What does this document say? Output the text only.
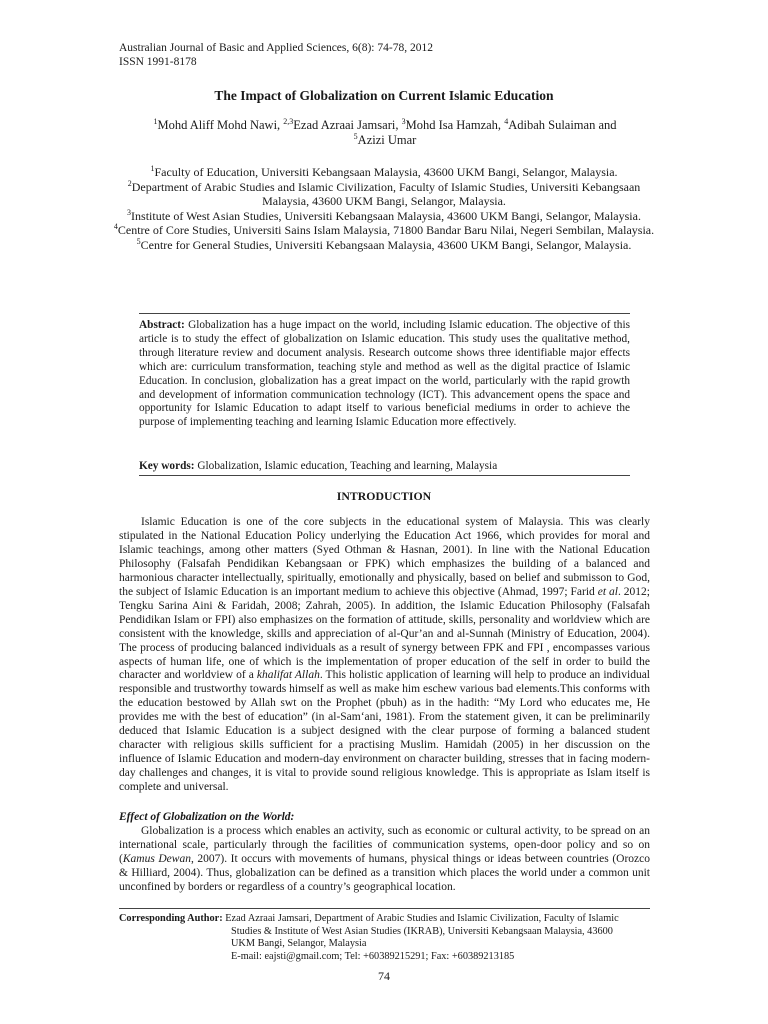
Australian Journal of Basic and Applied Sciences, 6(8): 74-78, 2012
ISSN 1991-8178
The Impact of Globalization on Current Islamic Education
$^1$Mohd Aliff Mohd Nawi, $^{2,3}$Ezad Azraai Jamsari, $^3$Mohd Isa Hamzah, $^4$Adibah Sulaiman and
$^5$Azizi Umar
$^1$Faculty of Education, Universiti Kebangsaan Malaysia, 43600 UKM Bangi, Selangor, Malaysia.
$^2$Department of Arabic Studies and Islamic Civilization, Faculty of Islamic Studies, Universiti Kebangsaan Malaysia, 43600 UKM Bangi, Selangor, Malaysia.
$^3$Institute of West Asian Studies, Universiti Kebangsaan Malaysia, 43600 UKM Bangi, Selangor, Malaysia.
$^4$Centre of Core Studies, Universiti Sains Islam Malaysia, 71800 Bandar Baru Nilai, Negeri Sembilan, Malaysia.
$^5$Centre for General Studies, Universiti Kebangsaan Malaysia, 43600 UKM Bangi, Selangor, Malaysia.
Abstract: Globalization has a huge impact on the world, including Islamic education. The objective of this article is to study the effect of globalization on Islamic education. This study uses the qualitative method, through literature review and document analysis. Research outcome shows three identifiable major effects which are: curriculum transformation, teaching style and method as well as the digital practice of Islamic Education. In conclusion, globalization has a great impact on the world, particularly with the rapid growth and development of information communication technology (ICT). This advancement opens the space and opportunity for Islamic Education to adapt itself to various beneficial mediums in order to achieve the purpose of implementing teaching and learning Islamic Education more effectively.
Key words: Globalization, Islamic education, Teaching and learning, Malaysia
INTRODUCTION

Islamic Education is one of the core subjects in the educational system of Malaysia. This was clearly stipulated in the National Education Policy underlying the Education Act 1966, which provides for moral and Islamic teachings, among other matters (Syed Othman & Hasnan, 2001). In line with the National Education Philosophy (Falsafah Pendidikan Kebangsaan or FPK) which emphasizes the building of a balanced and harmonious character intellectually, spiritually, emotionally and physically, based on belief and submisson to God, the subject of Islamic Education is an important medium to achieve this objective (Ahmad, 1997; Farid et al. 2012; Tengku Sarina Aini & Faridah, 2008; Zahrah, 2005). In addition, the Islamic Education Philosophy (Falsafah Pendidikan Islam or FPI) also emphasizes on the formation of attitude, skills, personality and worldview which are consistent with the knowledge, skills and appreciation of al-Qur’an and al-Sunnah (Ministry of Education, 2004). The process of producing balanced individuals as a result of synergy between FPK and FPI , encompasses various aspects of human life, one of which is the implementation of proper education of the self in order to build the character and worldview of a khalifat Allah. This holistic application of learning will help to produce an individual responsible and trustworthy towards himself as well as make him eschew various bad elements.This conforms with the education bestowed by Allah swt on the Prophet (pbuh) as in the hadith: “My Lord who educates me, He provides me with the best of education” (in al-Sam‘ani, 1981). From the statement given, it can be preliminarily deduced that Islamic Education is a subject designed with the clear purpose of forming a balanced student character with religious skills sufficient for a practising Muslim. Hamidah (2005) in her discussion on the influence of Islamic Education and modern-day environment on character building, stresses that in facing modern-day challenges and changes, it is vital to provide sound religious knowledge. This is appropriate as Islam itself is complete and universal.

Effect of Globalization on the World:

Globalization is a process which enables an activity, such as economic or cultural activity, to be spread on an international scale, particularly through the facilities of communication systems, open-door policy and so on (Kamus Dewan, 2007). It occurs with movements of humans, physical things or ideas between countries (Orozco & Hilliard, 2004). Thus, globalization can be defined as a transition which places the world under a common unit unconfined by borders or regardless of a country’s geographical location.

Corresponding Author: Ezad Azraai Jamsari, Department of Arabic Studies and Islamic Civilization, Faculty of Islamic
Studies & Institute of West Asian Studies (IKRAB), Universiti Kebangsaan Malaysia, 43600
UKM Bangi, Selangor, Malaysia
E-mail: eajsti@gmail.com; Tel: +60389215291; Fax: +60389213185
74
